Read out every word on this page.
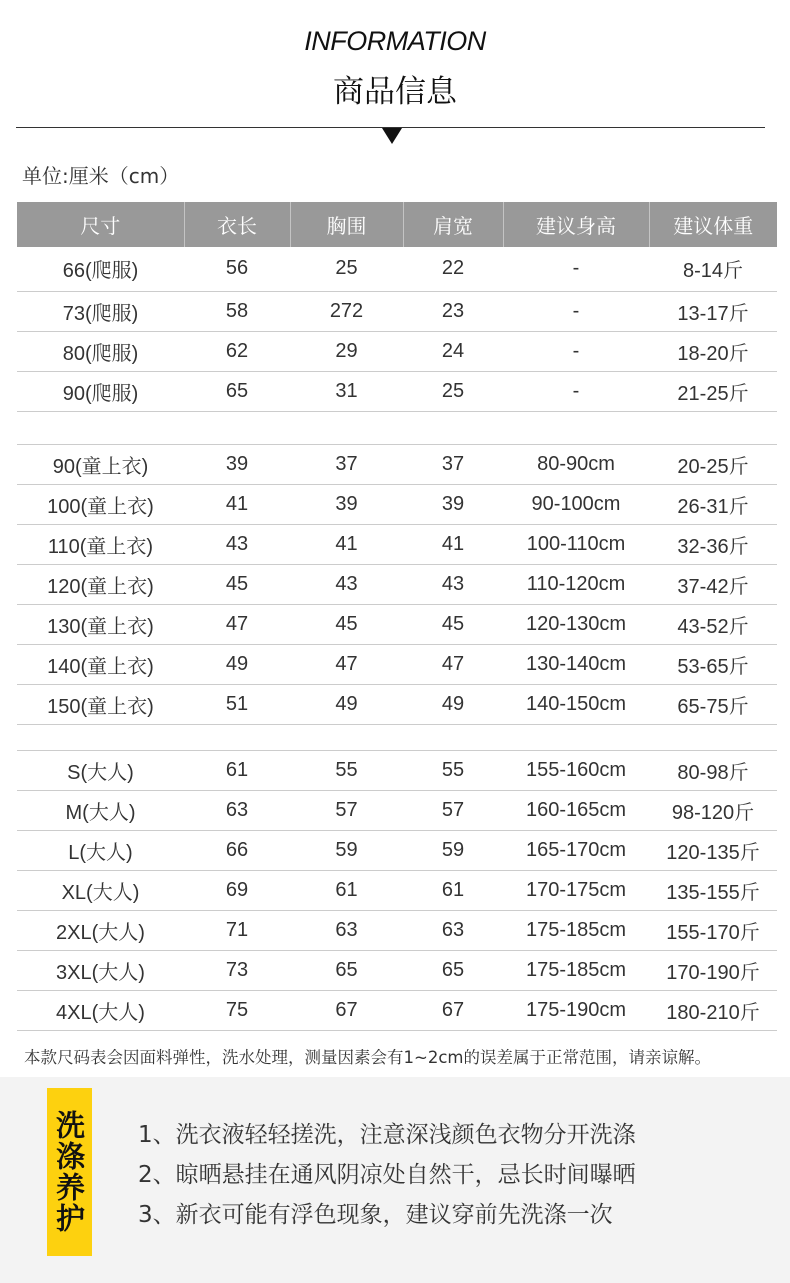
INFORMATION
商品信息
单位:厘米（cm）
尺寸	衣长	胸围	肩宽	建议身高	建议体重
66(爬服)	56	25	22	-	8-14斤
73(爬服)	58	272	23	-	13-17斤
80(爬服)	62	29	24	-	18-20斤
90(爬服)	65	31	25	-	21-25斤

90(童上衣)	39	37	37	80-90cm	20-25斤
100(童上衣)	41	39	39	90-100cm	26-31斤
110(童上衣)	43	41	41	100-110cm	32-36斤
120(童上衣)	45	43	43	110-120cm	37-42斤
130(童上衣)	47	45	45	120-130cm	43-52斤
140(童上衣)	49	47	47	130-140cm	53-65斤
150(童上衣)	51	49	49	140-150cm	65-75斤

S(大人)	61	55	55	155-160cm	80-98斤
M(大人)	63	57	57	160-165cm	98-120斤
L(大人)	66	59	59	165-170cm	120-135斤
XL(大人)	69	61	61	170-175cm	135-155斤
2XL(大人)	71	63	63	175-185cm	155-170斤
3XL(大人)	73	65	65	175-185cm	170-190斤
4XL(大人)	75	67	67	175-190cm	180-210斤
本款尺码表会因面料弹性，洗水处理，测量因素会有1~2cm的误差属于正常范围，请亲谅解。
洗涤养护 1、洗衣液轻轻搓洗，注意深浅颜色衣物分开洗涤
2、晾晒悬挂在通风阴凉处自然干，忌长时间曝晒
3、新衣可能有浮色现象，建议穿前先洗涤一次
